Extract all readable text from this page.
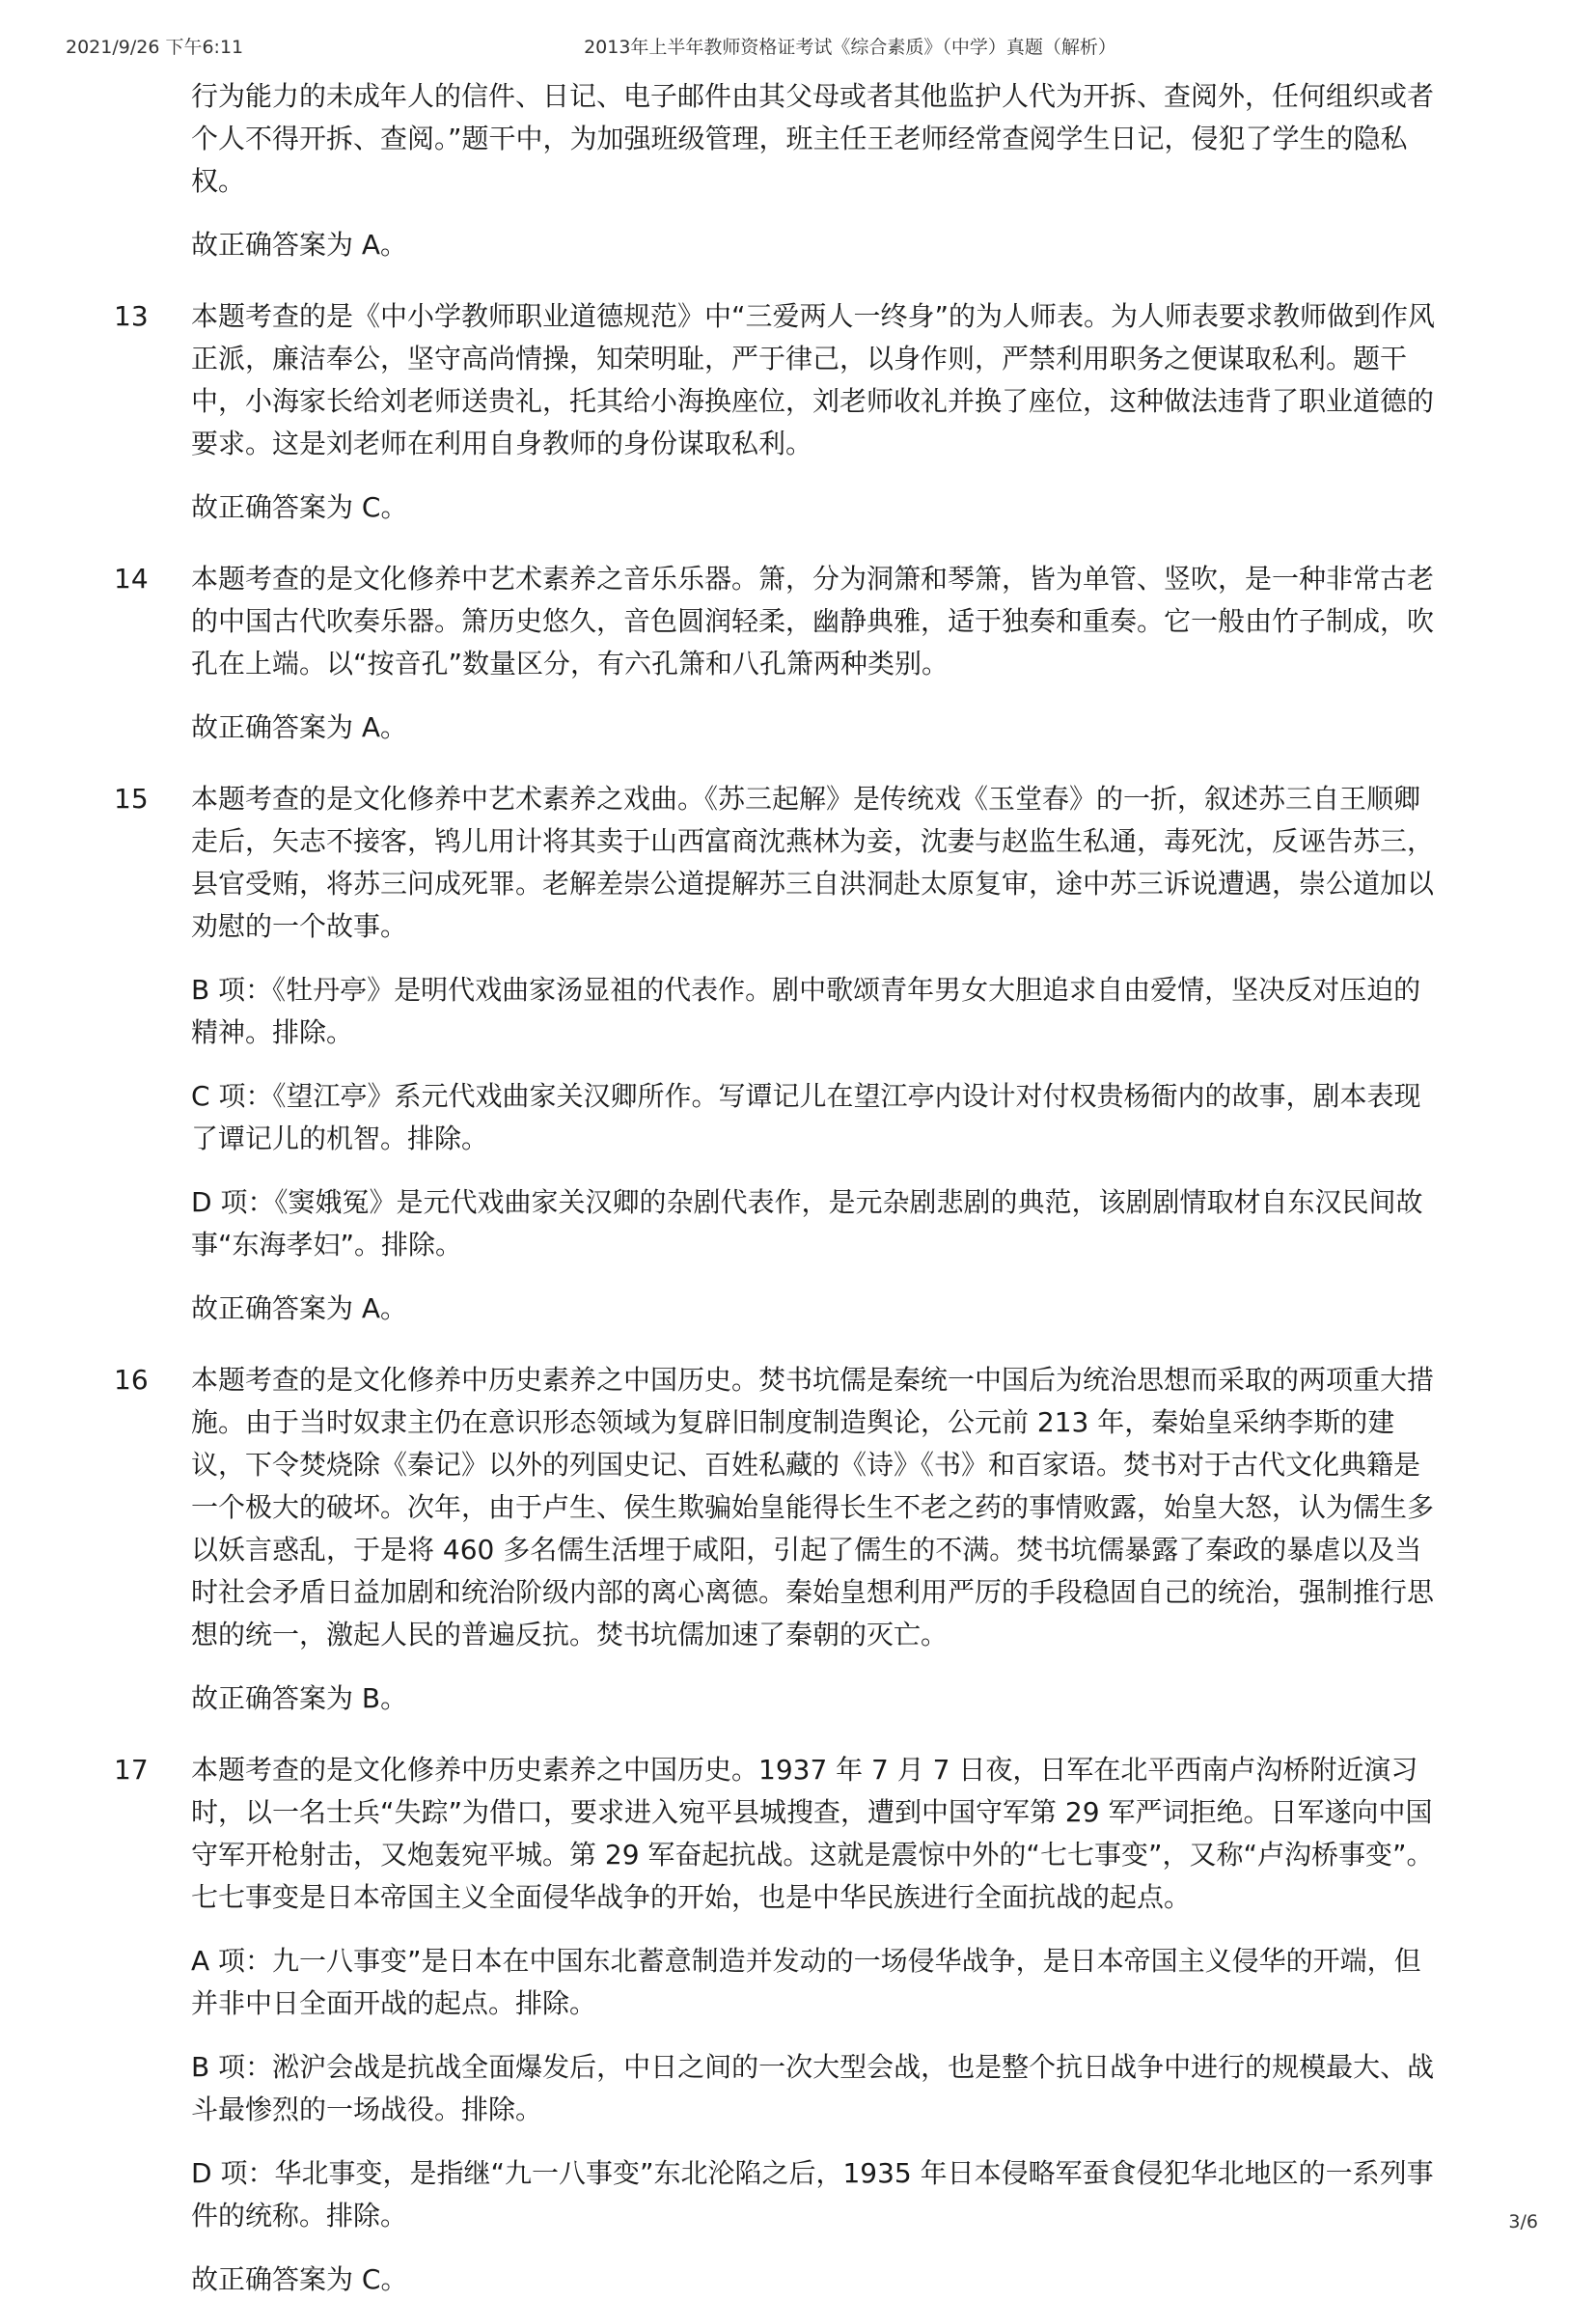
2021/9/26 下午6:11	2013年上半年教师资格证考试《综合素质》（中学）真题（解析）

行为能力的未成年人的信件、日记、电子邮件由其父母或者其他监护人代为开拆、查阅外，任何组织或者个人不得开拆、查阅。”题干中，为加强班级管理，班主任王老师经常查阅学生日记，侵犯了学生的隐私权。

故正确答案为 A。

13	本题考查的是《中小学教师职业道德规范》中“三爱两人一终身”的为人师表。为人师表要求教师做到作风正派，廉洁奉公，坚守高尚情操，知荣明耻，严于律己，以身作则，严禁利用职务之便谋取私利。题干中，小海家长给刘老师送贵礼，托其给小海换座位，刘老师收礼并换了座位，这种做法违背了职业道德的要求。这是刘老师在利用自身教师的身份谋取私利。

故正确答案为 C。

14	本题考查的是文化修养中艺术素养之音乐乐器。箫，分为洞箫和琴箫，皆为单管、竖吹，是一种非常古老的中国古代吹奏乐器。箫历史悠久，音色圆润轻柔，幽静典雅，适于独奏和重奏。它一般由竹子制成，吹孔在上端。以“按音孔”数量区分，有六孔箫和八孔箫两种类别。

故正确答案为 A。

15	本题考查的是文化修养中艺术素养之戏曲。《苏三起解》是传统戏《玉堂春》的一折，叙述苏三自王顺卿走后，矢志不接客，鸨儿用计将其卖于山西富商沈燕林为妾，沈妻与赵监生私通，毒死沈，反诬告苏三，县官受贿，将苏三问成死罪。老解差崇公道提解苏三自洪洞赴太原复审，途中苏三诉说遭遇，崇公道加以劝慰的一个故事。

B 项：《牡丹亭》是明代戏曲家汤显祖的代表作。剧中歌颂青年男女大胆追求自由爱情，坚决反对压迫的精神。排除。

C 项：《望江亭》系元代戏曲家关汉卿所作。写谭记儿在望江亭内设计对付权贵杨衙内的故事，剧本表现了谭记儿的机智。排除。

D 项：《窦娥冤》是元代戏曲家关汉卿的杂剧代表作，是元杂剧悲剧的典范，该剧剧情取材自东汉民间故事“东海孝妇”。排除。

故正确答案为 A。

16	本题考查的是文化修养中历史素养之中国历史。焚书坑儒是秦统一中国后为统治思想而采取的两项重大措施。由于当时奴隶主仍在意识形态领域为复辟旧制度制造舆论，公元前 213 年，秦始皇采纳李斯的建议，下令焚烧除《秦记》以外的列国史记、百姓私藏的《诗》《书》和百家语。焚书对于古代文化典籍是一个极大的破坏。次年，由于卢生、侯生欺骗始皇能得长生不老之药的事情败露，始皇大怒，认为儒生多以妖言惑乱，于是将 460 多名儒生活埋于咸阳，引起了儒生的不满。焚书坑儒暴露了秦政的暴虐以及当时社会矛盾日益加剧和统治阶级内部的离心离德。秦始皇想利用严厉的手段稳固自己的统治，强制推行思想的统一，激起人民的普遍反抗。焚书坑儒加速了秦朝的灭亡。

故正确答案为 B。

17	本题考查的是文化修养中历史素养之中国历史。1937 年 7 月 7 日夜，日军在北平西南卢沟桥附近演习时，以一名士兵“失踪”为借口，要求进入宛平县城搜查，遭到中国守军第 29 军严词拒绝。日军遂向中国守军开枪射击，又炮轰宛平城。第 29 军奋起抗战。这就是震惊中外的“七七事变”，又称“卢沟桥事变”。七七事变是日本帝国主义全面侵华战争的开始，也是中华民族进行全面抗战的起点。

A 项：九一八事变”是日本在中国东北蓄意制造并发动的一场侵华战争，是日本帝国主义侵华的开端，但并非中日全面开战的起点。排除。

B 项：淞沪会战是抗战全面爆发后，中日之间的一次大型会战，也是整个抗日战争中进行的规模最大、战斗最惨烈的一场战役。排除。

D 项：华北事变，是指继“九一八事变”东北沦陷之后，1935 年日本侵略军蚕食侵犯华北地区的一系列事件的统称。排除。

故正确答案为 C。

3/6
